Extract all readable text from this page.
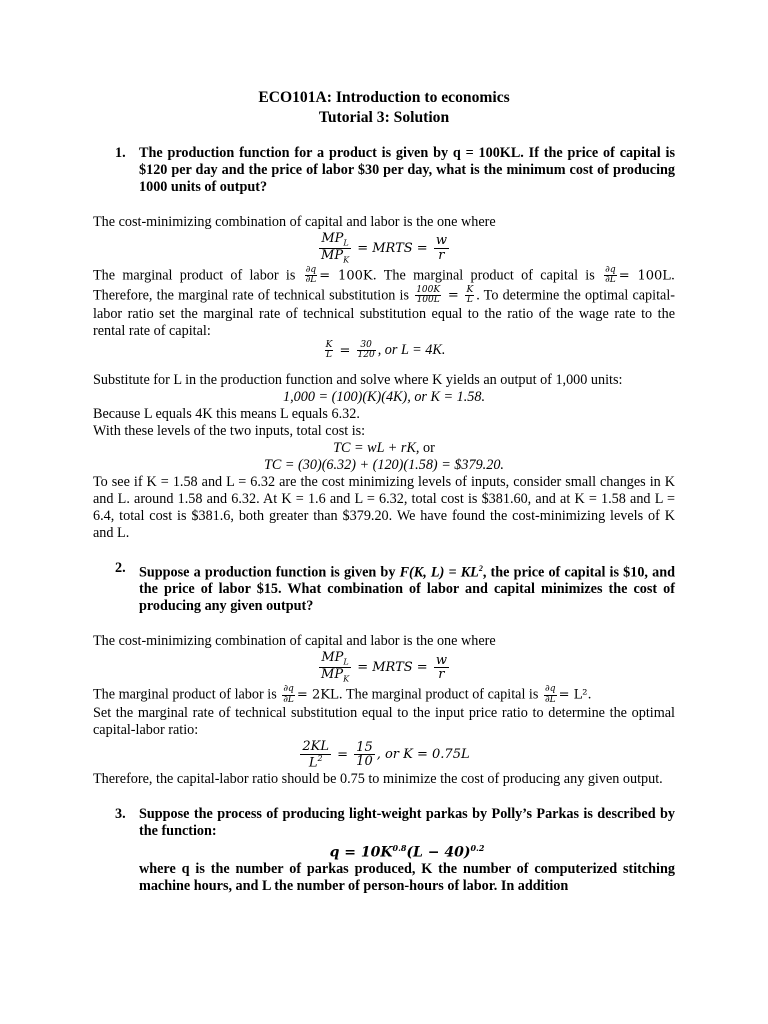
ECO101A: Introduction to economics
Tutorial 3: Solution
1. The production function for a product is given by q = 100KL. If the price of capital is $120 per day and the price of labor $30 per day, what is the minimum cost of producing 1000 units of output?

The cost-minimizing combination of capital and labor is the one where

$\frac{MP_L}{MP_K}$ = MRTS = $\frac{w}{r}$

The marginal product of labor is $\frac{\partial q}{\partial L} = 100K$. The marginal product of capital is $\frac{\partial q}{\partial L} = 100L$. Therefore, the marginal rate of technical substitution is $\frac{100K}{100L} = \frac{K}{L}$ . To determine the optimal capital-labor ratio set the marginal rate of technical substitution equal to the ratio of the wage rate to the rental rate of capital:

$\frac{K}{L} = \frac{30}{120}$ , or L = 4K.

Substitute for L in the production function and solve where K yields an output of 1,000 units:

1,000 = (100)(K)(4K), or K = 1.58.

Because L equals 4K this means L equals 6.32.

With these levels of the two inputs, total cost is:

TC = wL + rK, or

TC = (30)(6.32) + (120)(1.58) = $379.20.

To see if K = 1.58 and L = 6.32 are the cost minimizing levels of inputs, consider small changes in K and L. around 1.58 and 6.32. At K = 1.6 and L = 6.32, total cost is $381.60, and at K = 1.58 and L = 6.4, total cost is $381.6, both greater than $379.20. We have found the cost-minimizing levels of K and L.

2. Suppose a production function is given by F(K, $L) = KL^2$, the price of capital is $10, and the price of labor $15. What combination of labor and capital minimizes the cost of producing any given output?

The cost-minimizing combination of capital and labor is the one where

$\frac{MP_L}{MP_K}$ = MRTS = $\frac{w}{r}$

The marginal product of labor is $\frac{\partial q}{\partial L} = 2KL$. The marginal product of capital is $\frac{\partial q}{\partial L} = L^2$.

Set the marginal rate of technical substitution equal to the input price ratio to determine the optimal capital-labor ratio:

$\frac{2KL}{L^2} = \frac{15}{10}$ , or K = 0.75L

Therefore, the capital-labor ratio should be 0.75 to minimize the cost of producing any given output.

3. Suppose the process of producing light-weight parkas by Polly’s Parkas is described by the function:
$q = 10K^{0.8}(L - 40)^{0.2}$
where q is the number of parkas produced, K the number of computerized stitching machine hours, and L the number of person-hours of labor. In addition
